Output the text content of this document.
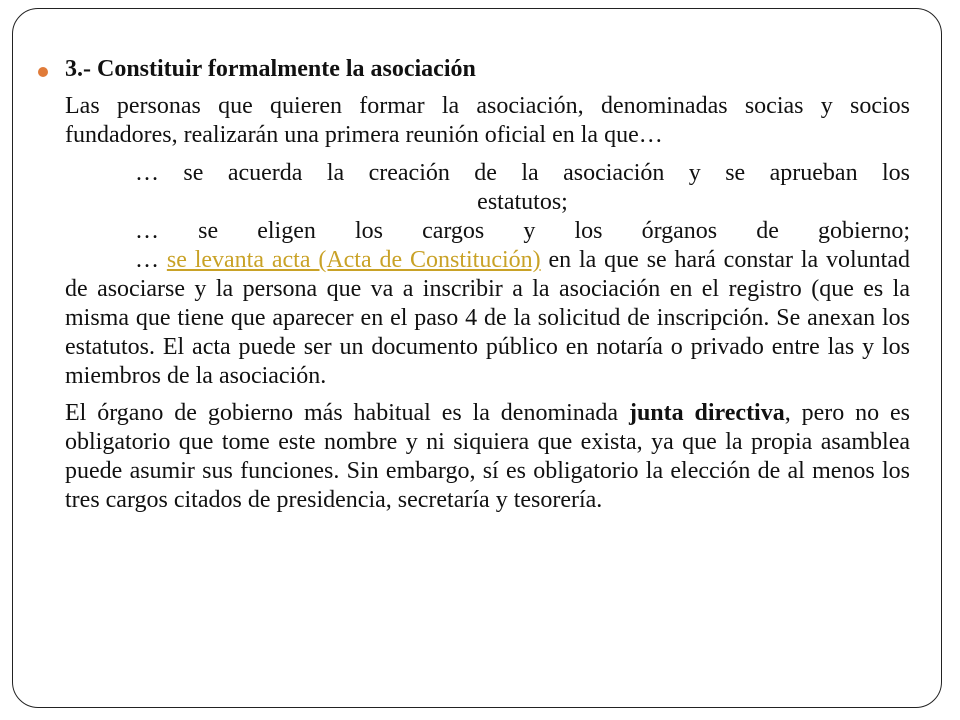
3.- Constituir formalmente la asociación

Las personas que quieren formar la asociación, denominadas socias y socios fundadores, realizarán una primera reunión oficial en la que…

… se acuerda la creación de la asociación y se aprueban los
estatutos;
… se eligen los cargos y los órganos de gobierno;

… se levanta acta (Acta de Constitución) en la que se hará constar la voluntad de asociarse y la persona que va a inscribir a la asociación en el registro (que es la misma que tiene que aparecer en el paso 4 de la solicitud de inscripción. Se anexan los estatutos. El acta puede ser un documento público en notaría o privado entre las y los miembros de la asociación.

El órgano de gobierno más habitual es la denominada junta directiva, pero no es obligatorio que tome este nombre y ni siquiera que exista, ya que la propia asamblea puede asumir sus funciones. Sin embargo, sí es obligatorio la elección de al menos los tres cargos citados de presidencia, secretaría y tesorería.
